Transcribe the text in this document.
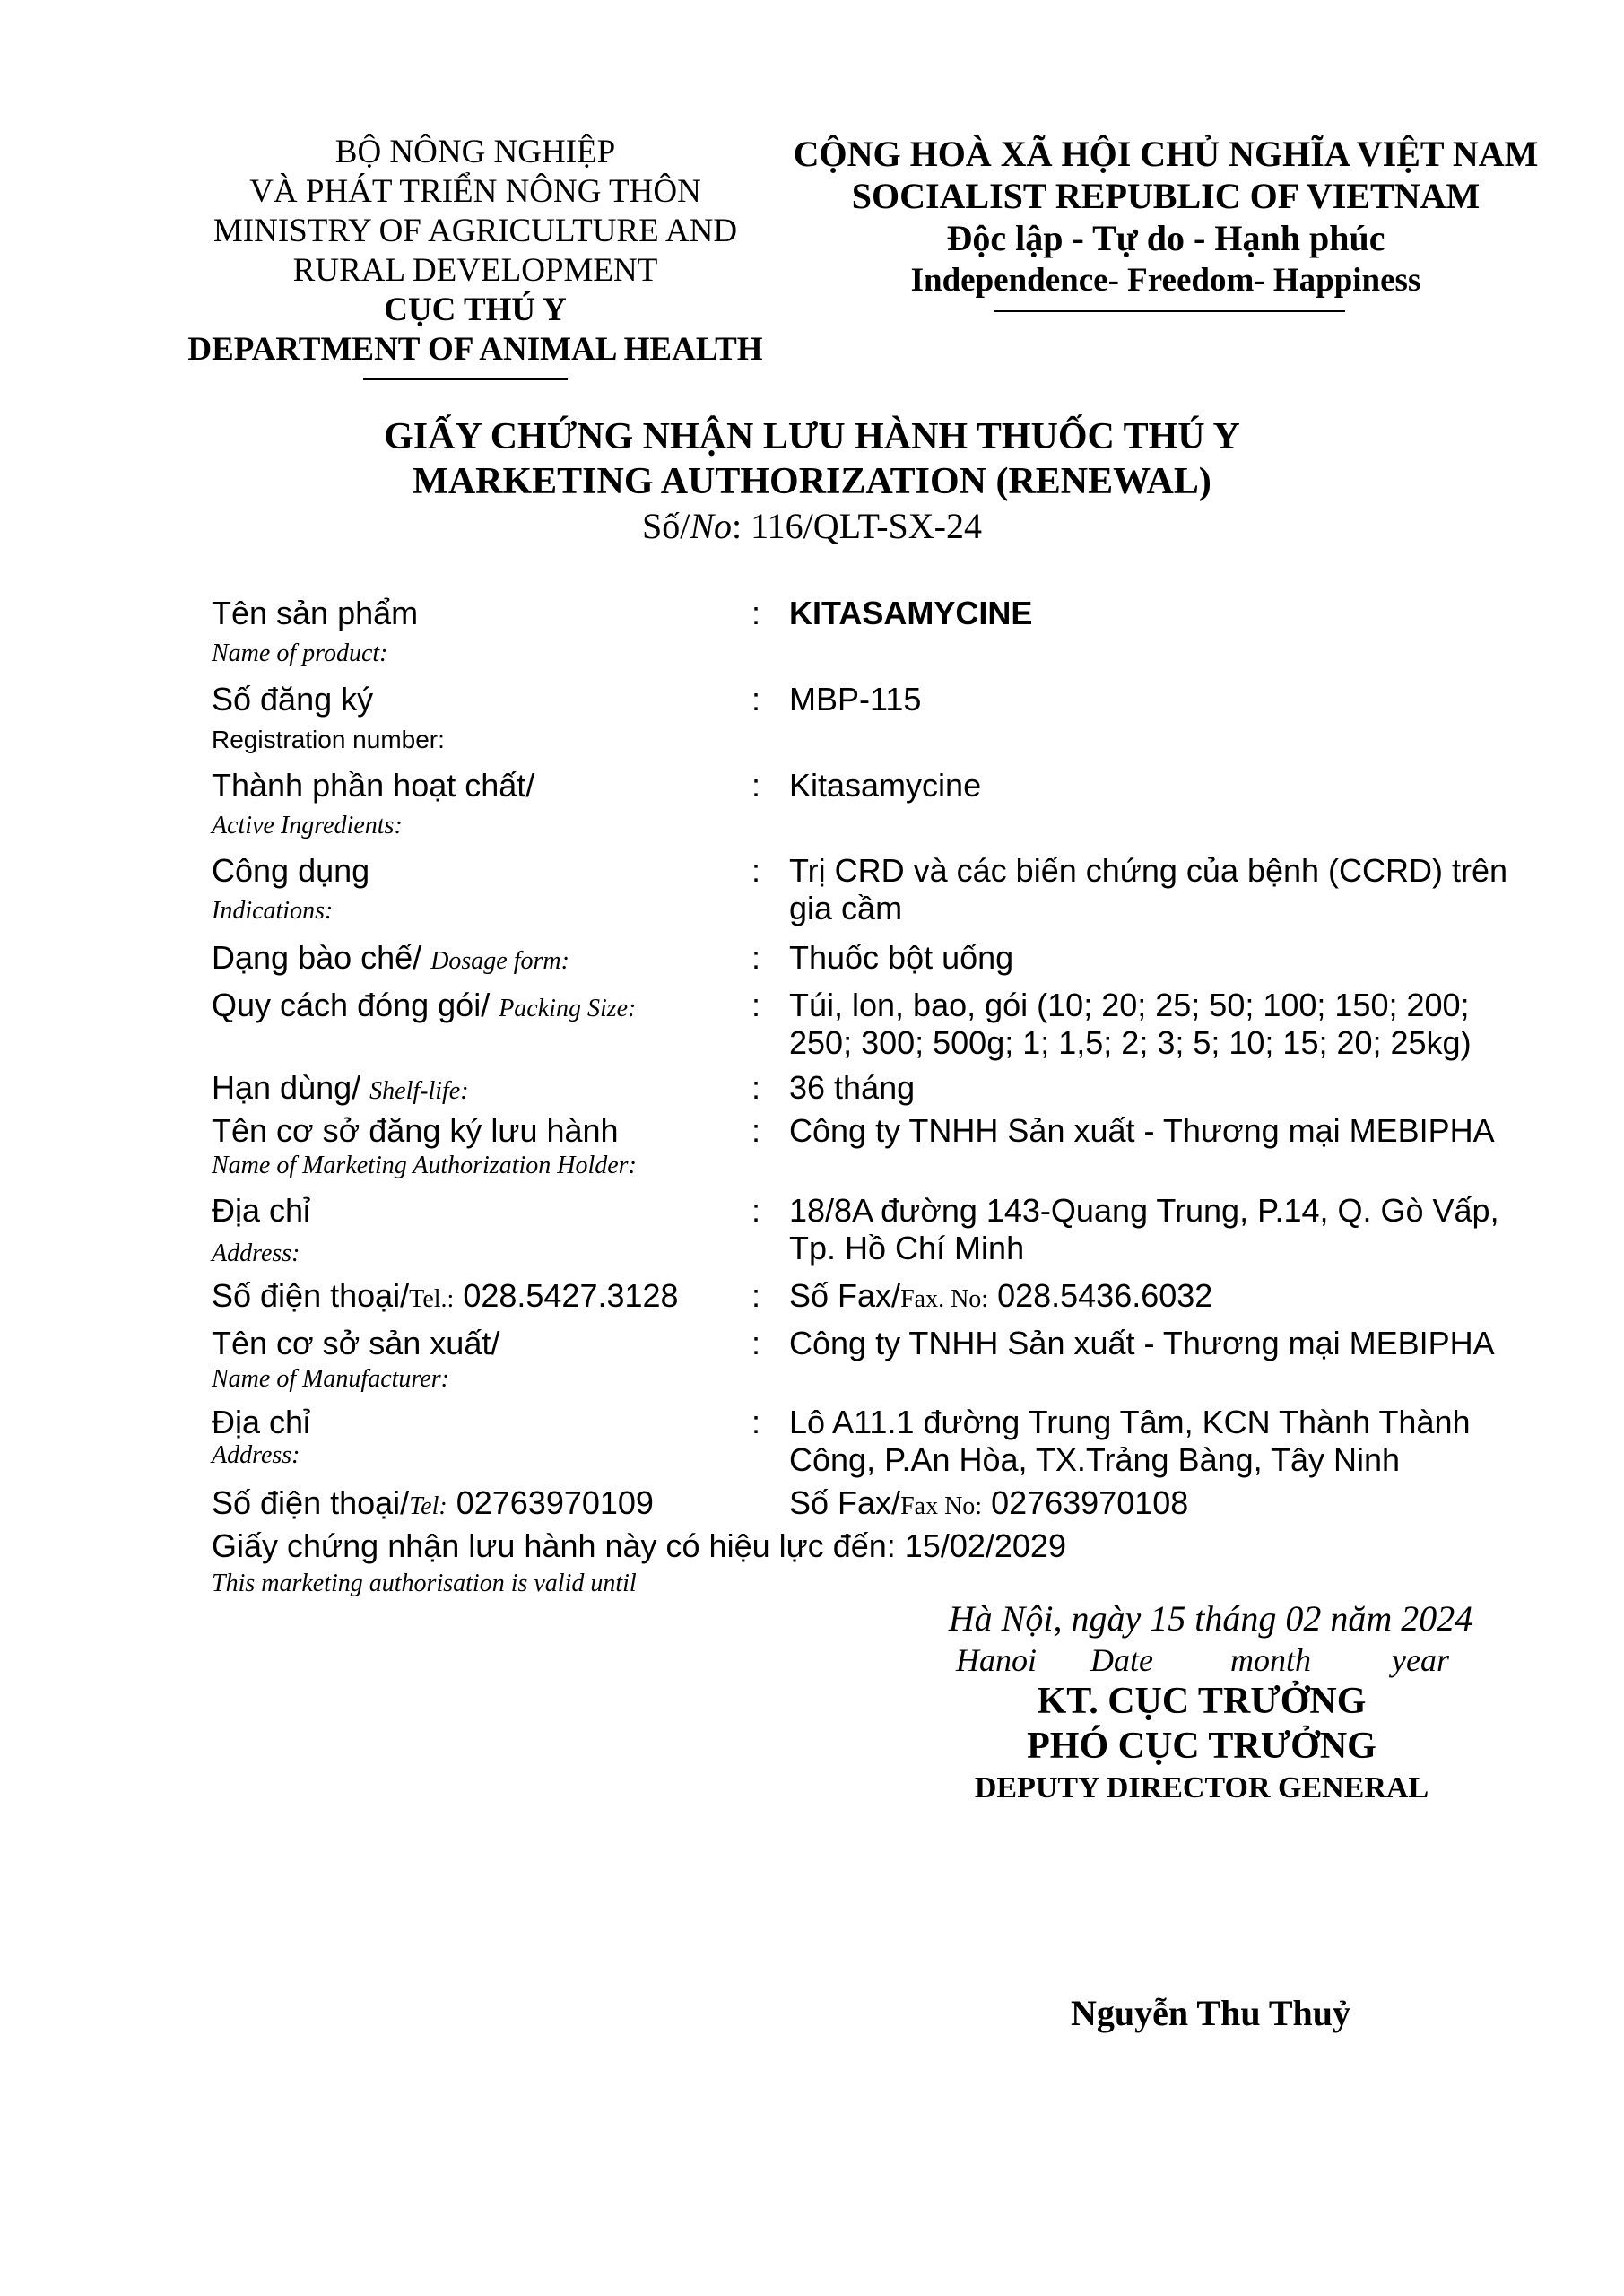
BỘ NÔNG NGHIỆP
VÀ PHÁT TRIỂN NÔNG THÔN
MINISTRY OF AGRICULTURE AND
RURAL DEVELOPMENT
CỤC THÚ Y
DEPARTMENT OF ANIMAL HEALTH
CỘNG HOÀ XÃ HỘI CHỦ NGHĨA VIỆT NAM
SOCIALIST REPUBLIC OF VIETNAM
Độc lập - Tự do - Hạnh phúc
Independence- Freedom- Happiness
GIẤY CHỨNG NHẬN LƯU HÀNH THUỐC THÚ Y
MARKETING AUTHORIZATION (RENEWAL)
Số/No: 116/QLT-SX-24
Tên sản phẩm
Name of product:
: KITASAMYCINE
Số đăng ký
Registration number:
: MBP-115
Thành phần hoạt chất/
Active Ingredients:
: Kitasamycine
Công dụng
Indications:
: Trị CRD và các biến chứng của bệnh (CCRD) trên
gia cầm
Dạng bào chế/ Dosage form:	: Thuốc bột uống
Quy cách đóng gói/ Packing Size:	: Túi, lon, bao, gói (10; 20; 25; 50; 100; 150; 200;
250; 300; 500g; 1; 1,5; 2; 3; 5; 10; 15; 20; 25kg)
Hạn dùng/ Shelf-life:	: 36 tháng
Tên cơ sở đăng ký lưu hành
Name of Marketing Authorization Holder:
: Công ty TNHH Sản xuất - Thương mại MEBIPHA
Địa chỉ
Address:
: 18/8A đường 143-Quang Trung, P.14, Q. Gò Vấp,
Tp. Hồ Chí Minh
Số điện thoại/Tel.: 028.5427.3128 : Số Fax/Fax. No: 028.5436.6032
Tên cơ sở sản xuất/
Name of Manufacturer:
: Công ty TNHH Sản xuất - Thương mại MEBIPHA
Địa chỉ
Address:
: Lô A11.1 đường Trung Tâm, KCN Thành Thành
Công, P.An Hòa, TX.Trảng Bàng, Tây Ninh
Số điện thoại/Tel: 02763970109	Số Fax/Fax No: 02763970108
Giấy chứng nhận lưu hành này có hiệu lực đến: 15/02/2029
This marketing authorisation is valid until
Hà Nội, ngày 15 tháng 02 năm 2024
Hanoi Date month	year
KT. CỤC TRƯỞNG
PHÓ CỤC TRƯỞNG
DEPUTY DIRECTOR GENERAL
Nguyễn Thu Thuỷ
